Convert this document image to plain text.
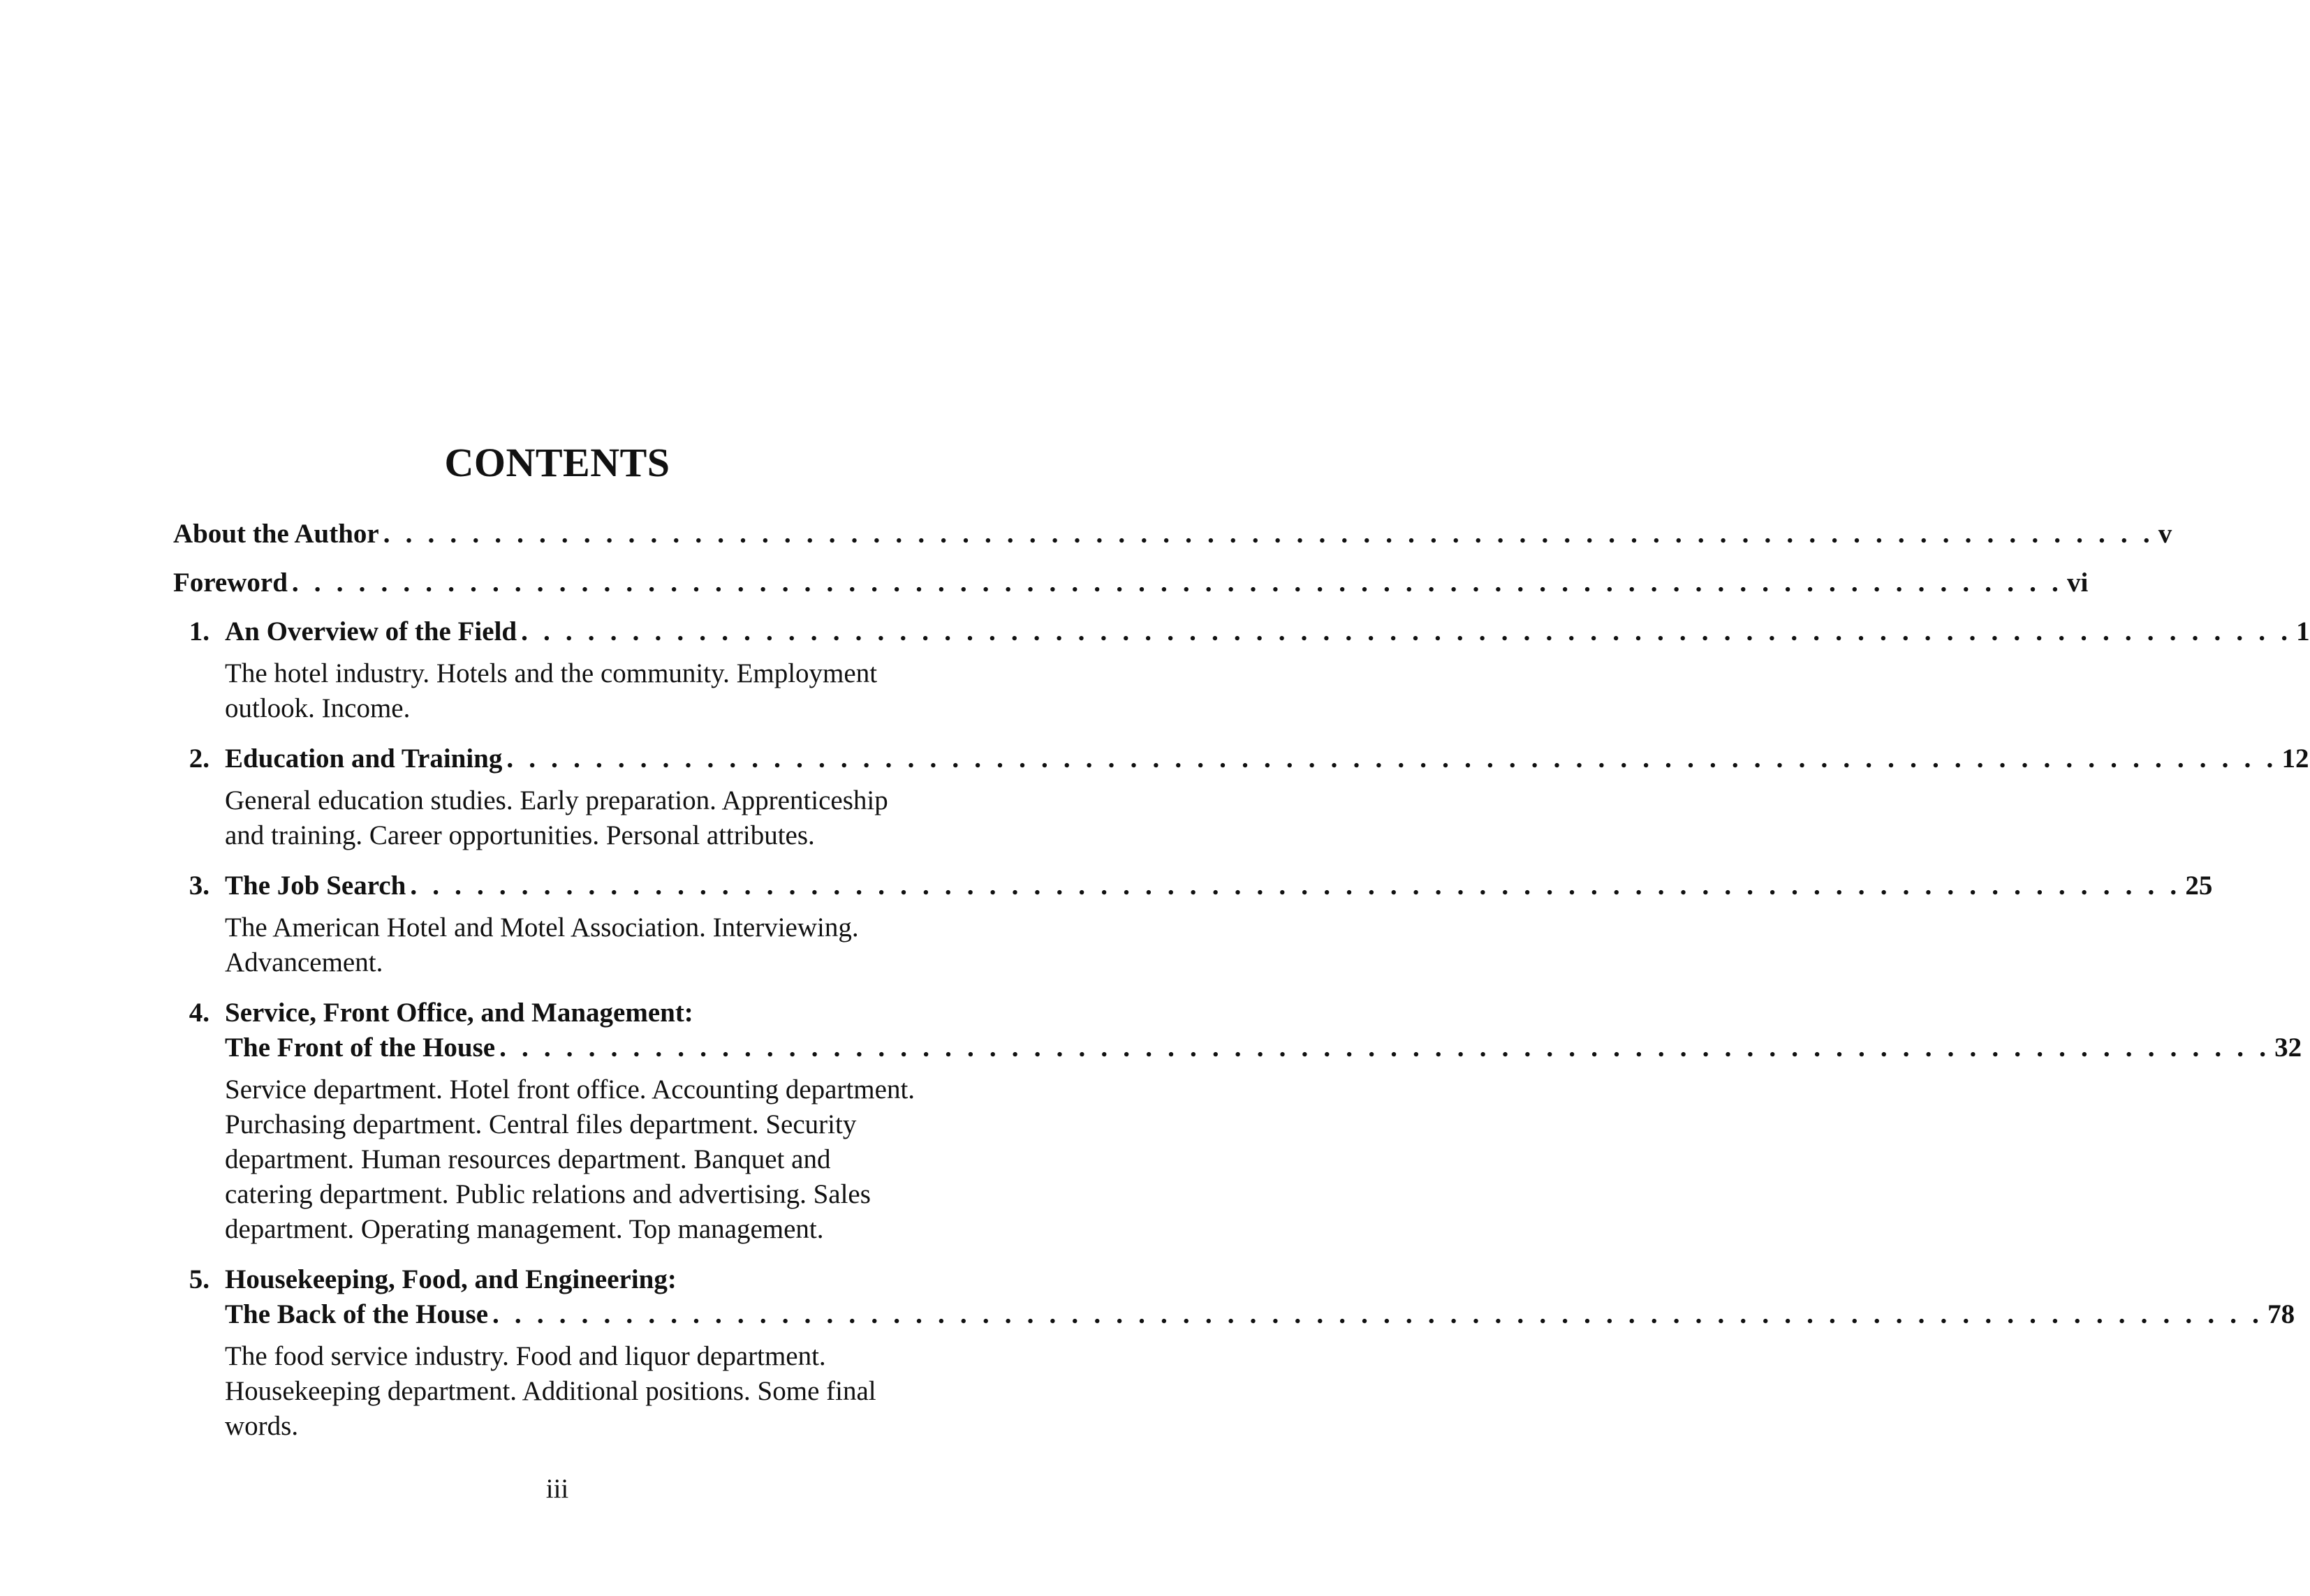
CONTENTS
About the Author . . . . . . . . . . . . . . . . . . . . . . . . . . . . . . . . . . . . . . . . . . . . . . . . . . . . . . . . . . . . . . . . . . . . . . . . . . . . . . . . v
Foreword . . . . . . . . . . . . . . . . . . . . . . . . . . . . . . . . . . . . . . . . . . . . . . . . . . . . . . . . . . . . . . . . . . . . . . . . . . . . . . . . vi
1. An Overview of the Field . . . . . . . . . . . . . . . . . . . . . . . . . . . . . . . . . . . . . . . . . . . . . . . . . . . . . . . . . . . . . . . . . . . . . . . . . . . . . . . . 1
The hotel industry. Hotels and the community. Employment outlook. Income.
2. Education and Training . . . . . . . . . . . . . . . . . . . . . . . . . . . . . . . . . . . . . . . . . . . . . . . . . . . . . . . . . . . . . . . . . . . . . . . . . . . . . . . . 12
General education studies. Early preparation. Apprenticeship and training. Career opportunities. Personal attributes.
3. The Job Search . . . . . . . . . . . . . . . . . . . . . . . . . . . . . . . . . . . . . . . . . . . . . . . . . . . . . . . . . . . . . . . . . . . . . . . . . . . . . . . . 25
The American Hotel and Motel Association. Interviewing. Advancement.
4. Service, Front Office, and Management:
The Front of the House . . . . . . . . . . . . . . . . . . . . . . . . . . . . . . . . . . . . . . . . . . . . . . . . . . . . . . . . . . . . . . . . . . . . . . . . . . . . . . . . 32
Service department. Hotel front office. Accounting department. Purchasing department. Central files department. Security department. Human resources department. Banquet and catering department. Public relations and advertising. Sales department. Operating management. Top management.
5. Housekeeping, Food, and Engineering:
The Back of the House . . . . . . . . . . . . . . . . . . . . . . . . . . . . . . . . . . . . . . . . . . . . . . . . . . . . . . . . . . . . . . . . . . . . . . . . . . . . . . . . 78
The food service industry. Food and liquor department. Housekeeping department. Additional positions. Some final words.
iii
